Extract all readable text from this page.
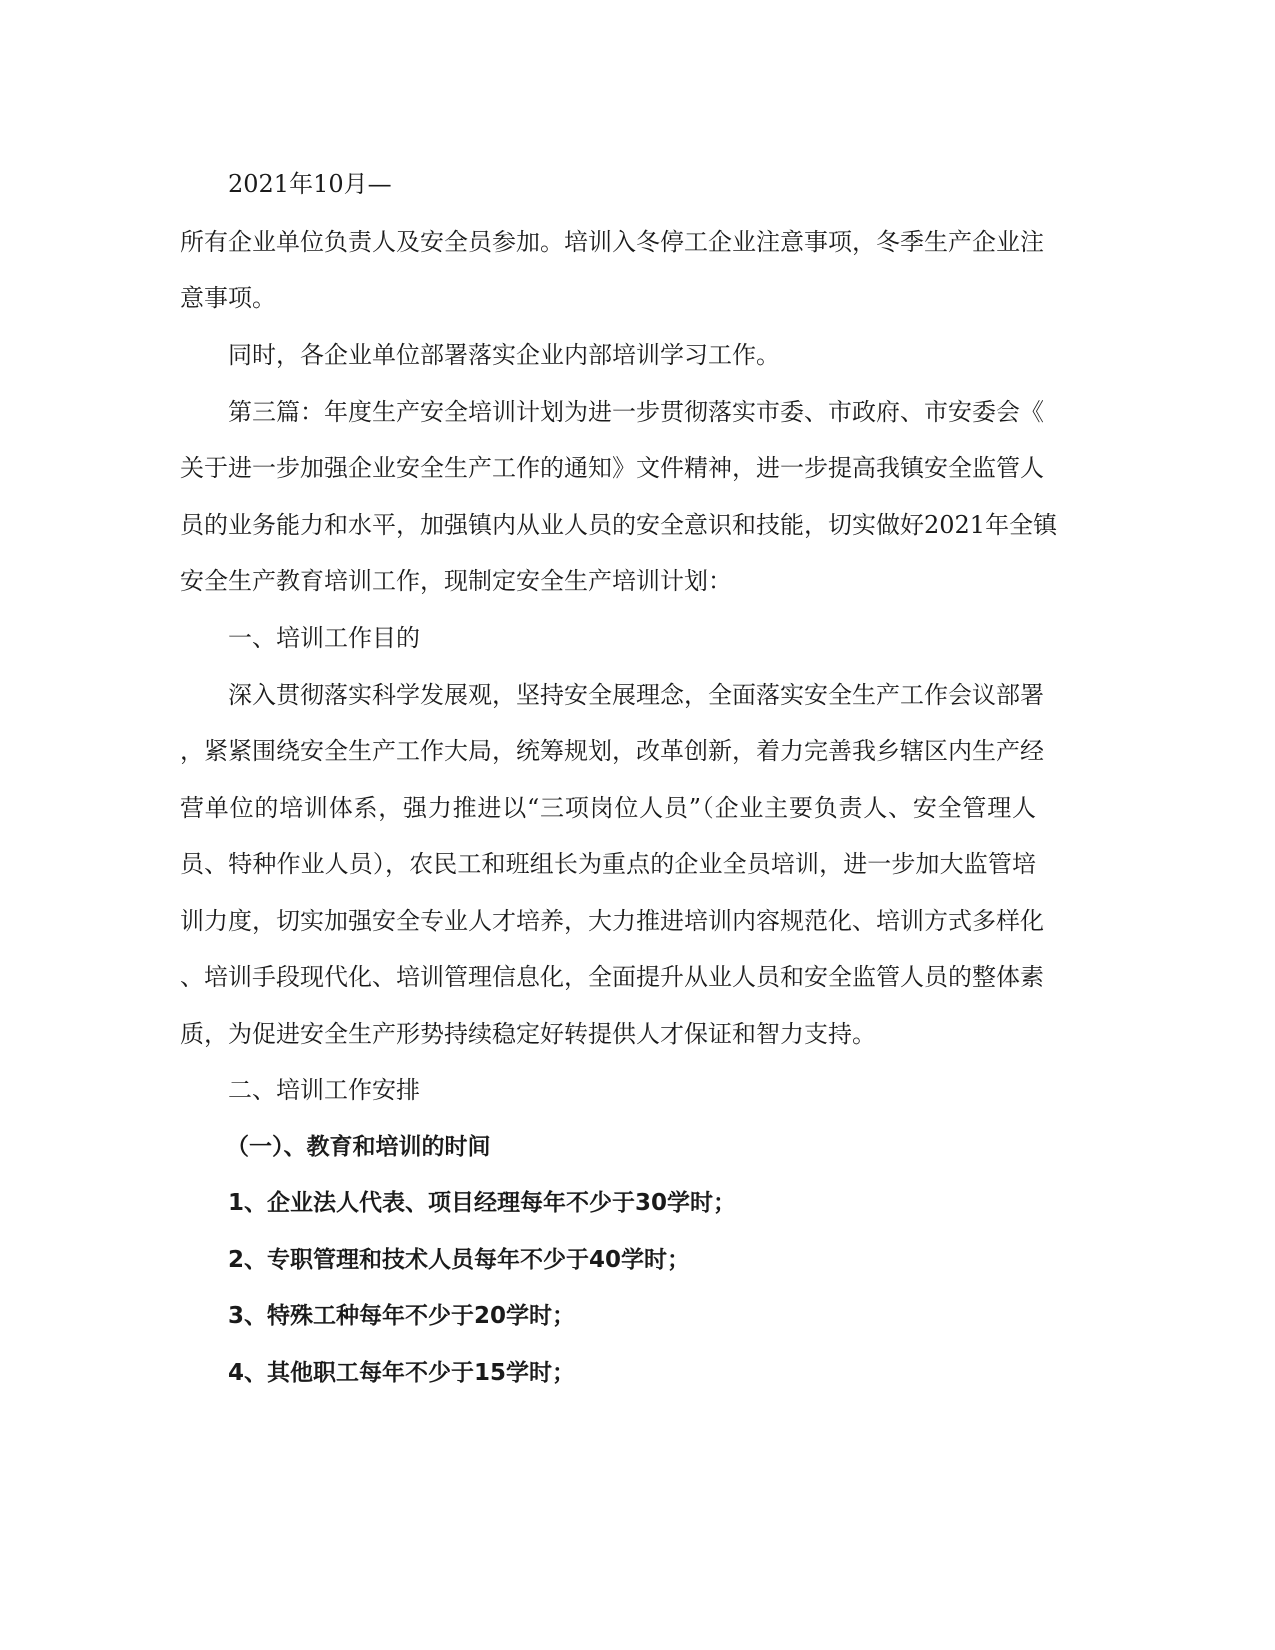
2021年10月—
所有企业单位负责人及安全员参加。培训入冬停工企业注意事项，冬季生产企业注
意事项。
同时，各企业单位部署落实企业内部培训学习工作。
第三篇：年度生产安全培训计划为进一步贯彻落实市委、市政府、市安委会《
关于进一步加强企业安全生产工作的通知》文件精神，进一步提高我镇安全监管人
员的业务能力和水平，加强镇内从业人员的安全意识和技能，切实做好2021年全镇
安全生产教育培训工作，现制定安全生产培训计划：
一、培训工作目的
深入贯彻落实科学发展观，坚持安全展理念，全面落实安全生产工作会议部署
，紧紧围绕安全生产工作大局，统筹规划，改革创新，着力完善我乡辖区内生产经
营单位的培训体系，强力推进以“三项岗位人员”（企业主要负责人、安全管理人
员、特种作业人员），农民工和班组长为重点的企业全员培训，进一步加大监管培
训力度，切实加强安全专业人才培养，大力推进培训内容规范化、培训方式多样化
、培训手段现代化、培训管理信息化，全面提升从业人员和安全监管人员的整体素
质，为促进安全生产形势持续稳定好转提供人才保证和智力支持。
二、培训工作安排
（一）、教育和培训的时间
1、企业法人代表、项目经理每年不少于30学时；
2、专职管理和技术人员每年不少于40学时；
3、特殊工种每年不少于20学时；
4、其他职工每年不少于15学时；
